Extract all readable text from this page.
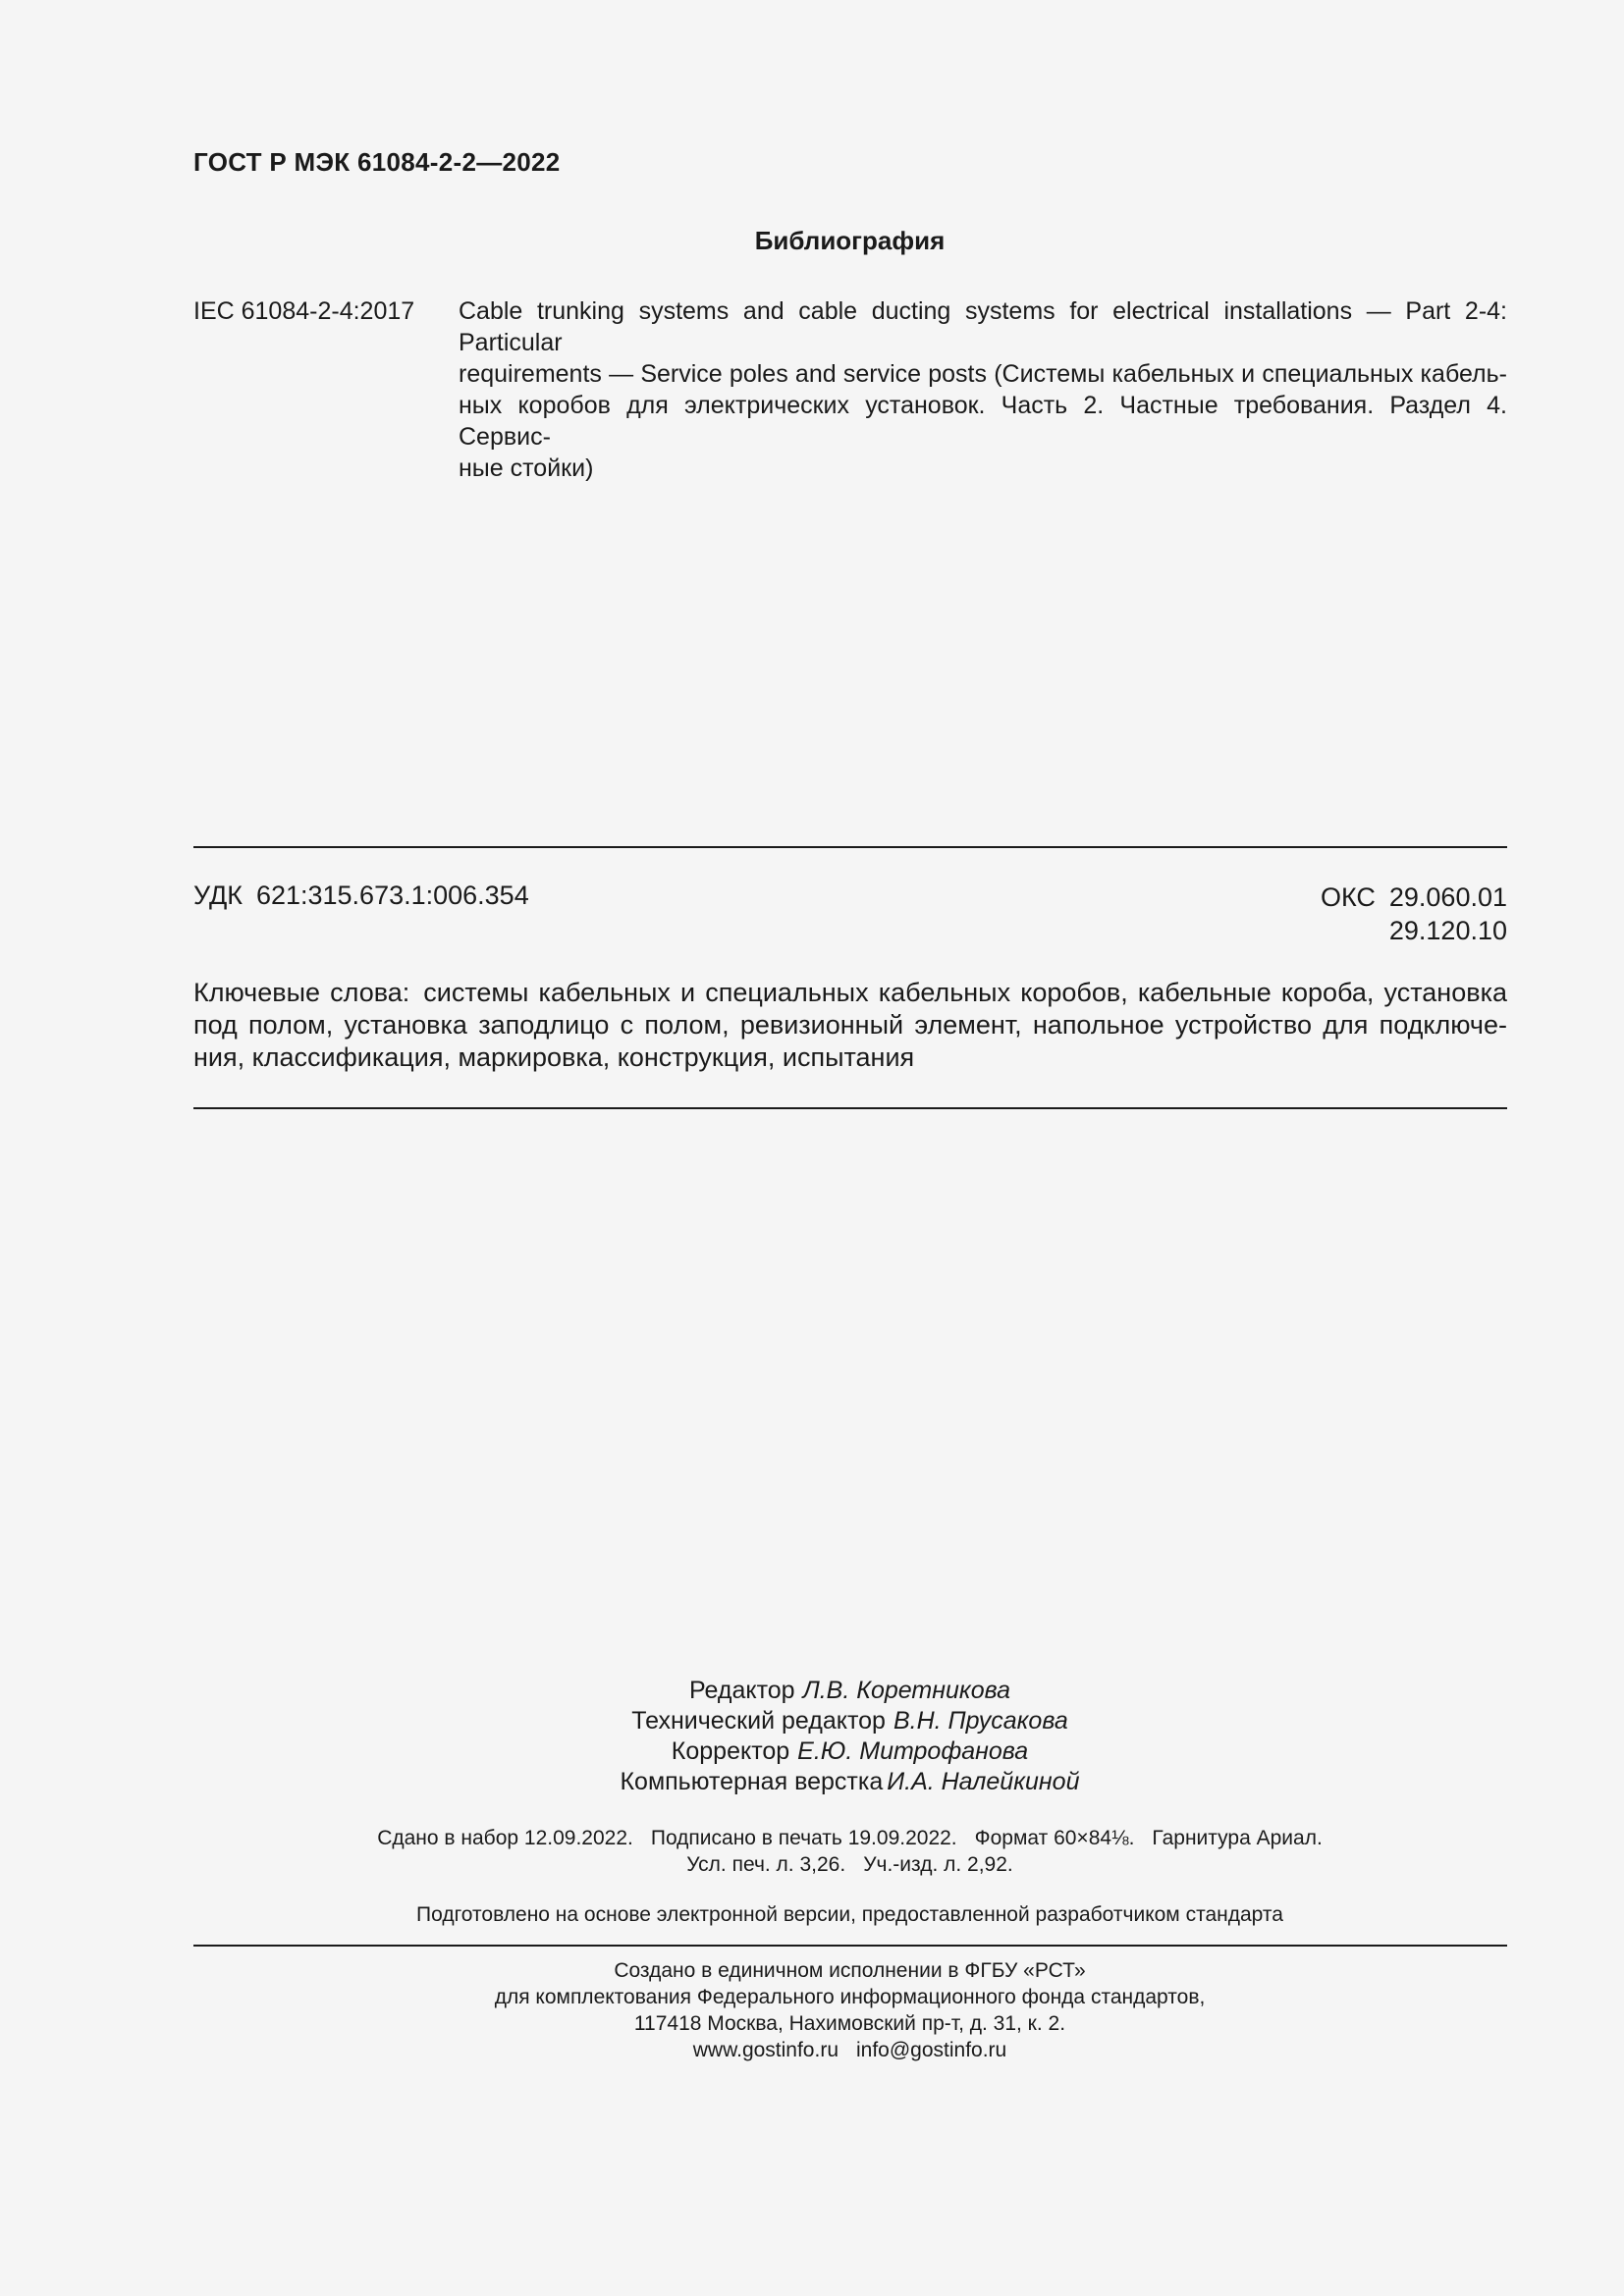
ГОСТ Р МЭК 61084-2-2—2022
Библиография
IEC 61084-2-4:2017	Cable trunking systems and cable ducting systems for electrical installations — Part 2-4: Particular
requirements — Service poles and service posts (Системы кабельных и специальных кабель-
ных коробов для электрических установок. Часть 2. Частные требования. Раздел 4. Сервис-
ные стойки)
УДК 621:315.673.1:006.354	ОКС 29.060.01
29.120.10
Ключевые слова: системы кабельных и специальных кабельных коробов, кабельные короба, установка под полом, установка заподлицо с полом, ревизионный элемент, напольное устройство для подключе-ния, классификация, маркировка, конструкция, испытания
Редактор Л.В. Коретникова
Технический редактор В.Н. Прусакова
Корректор Е.Ю. Митрофанова
Компьютерная верстка И.А. Налейкиной
Сдано в набор 12.09.2022. Подписано в печать 19.09.2022. Формат 60×84⅛. Гарнитура Ариал.
Усл. печ. л. 3,26. Уч.-изд. л. 2,92.
Подготовлено на основе электронной версии, предоставленной разработчиком стандарта
Создано в единичном исполнении в ФГБУ «РСТ»
для комплектования Федерального информационного фонда стандартов,
117418 Москва, Нахимовский пр-т, д. 31, к. 2.
www.gostinfo.ru info@gostinfo.ru
